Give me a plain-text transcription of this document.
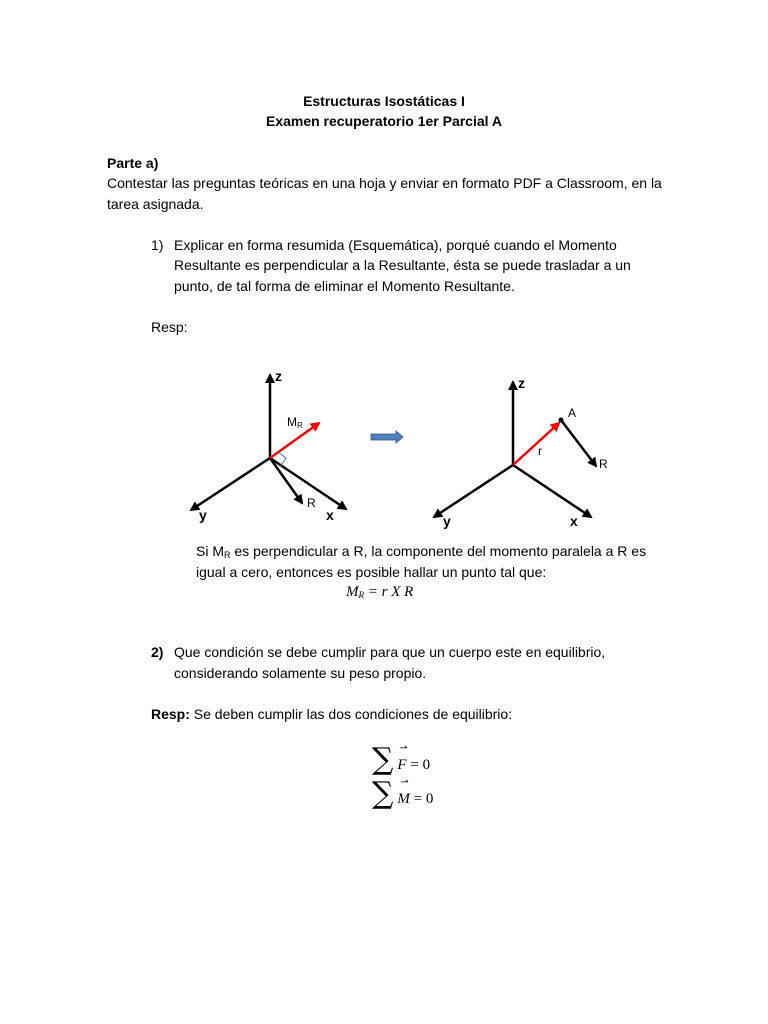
Estructuras Isostáticas I
Examen recuperatorio 1er Parcial A
Parte a)
Contestar las preguntas teóricas en una hoja y enviar en formato PDF a Classroom, en la
tarea asignada.
1) Explicar en forma resumida (Esquemática), porqué cuando el Momento
Resultante es perpendicular a la Resultante, ésta se puede trasladar a un
punto, de tal forma de eliminar el Momento Resultante.
Resp:
z
y	x
MR
R
z
y	x
A
r
R
Si $M_R$ es perpendicular a R, la componente del momento paralela a R es
igual a cero, entonces es posible hallar un punto tal que:
$M_R = r$ X R
2) Que condición se debe cumplir para que un cuerpo este en equilibrio,
considerando solamente su peso propio.
Resp: Se deben cumplir las dos condiciones de equilibrio:
∑ ⇀
F = 0
∑ ⇀
M = 0
